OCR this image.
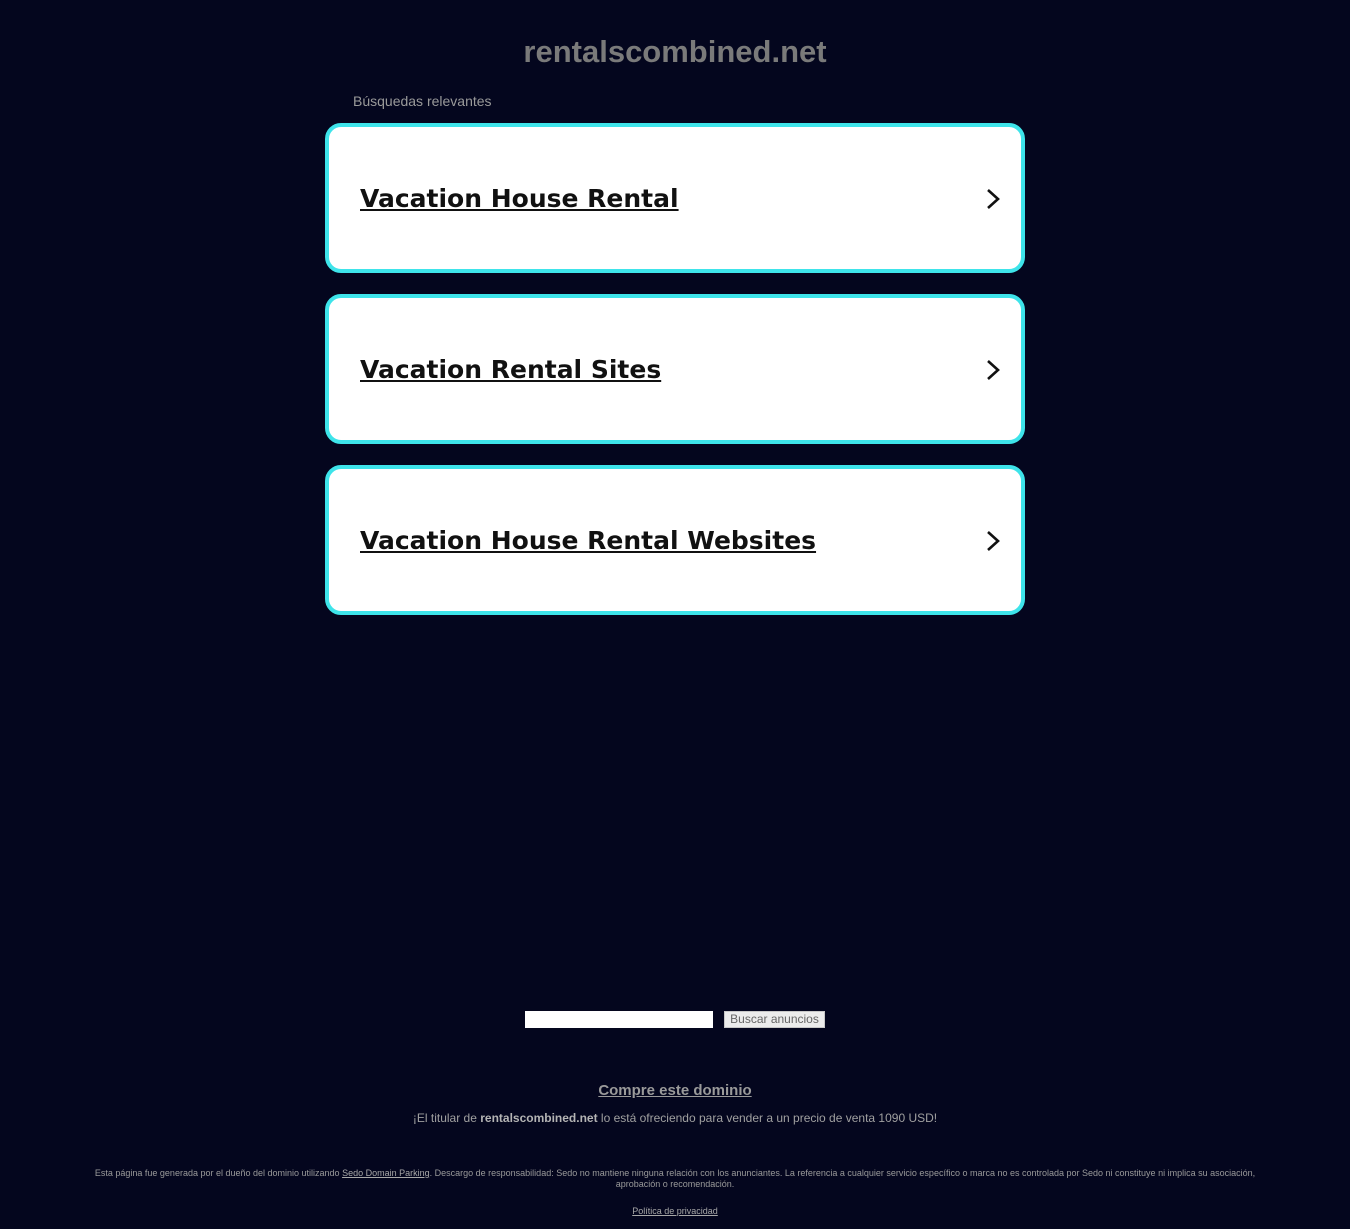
rentalscombined.net
Búsquedas relevantes
Vacation House Rental
Vacation Rental Sites
Vacation House Rental Websites
Buscar anuncios
Compre este dominio
¡El titular de rentalscombined.net lo está ofreciendo para vender a un precio de venta 1090 USD!
Esta página fue generada por el dueño del dominio utilizando Sedo Domain Parking. Descargo de responsabilidad: Sedo no mantiene ninguna relación con los anunciantes. La referencia a cualquier servicio específico o marca no es controlada por Sedo ni constituye ni implica su asociación, aprobación o recomendación.
Política de privacidad
